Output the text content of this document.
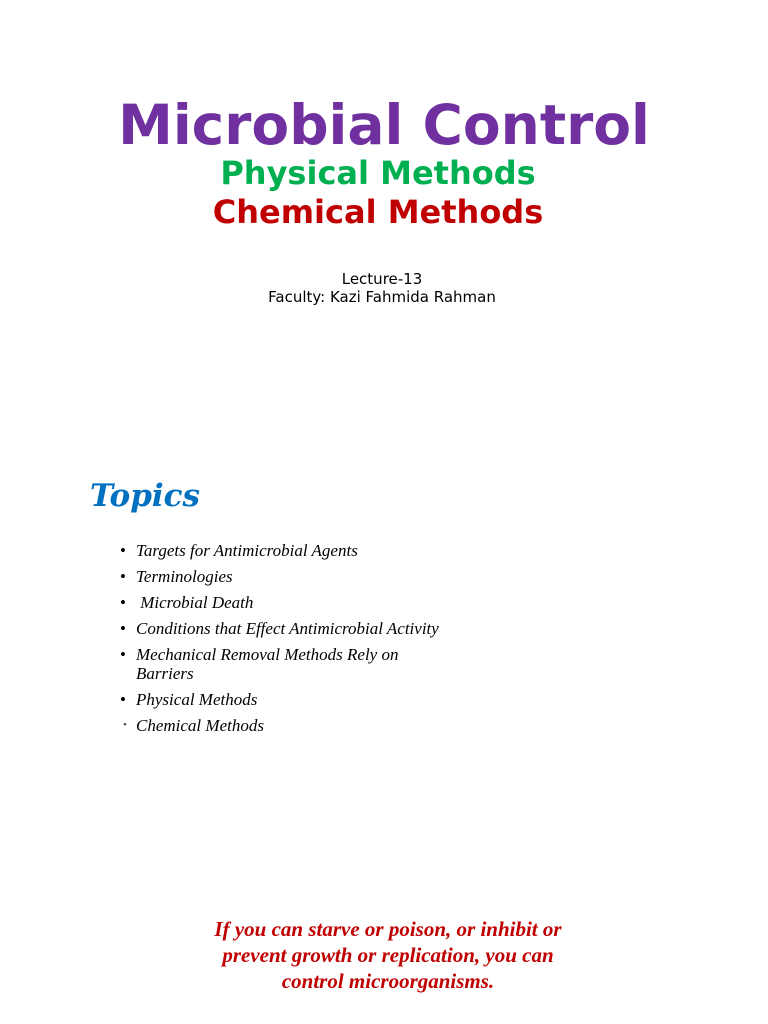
Microbial Control
Physical Methods
Chemical Methods
Lecture-13
Faculty: Kazi Fahmida Rahman
Topics
• Targets for Antimicrobial Agents
• Terminologies
• Microbial Death
• Conditions that Effect Antimicrobial Activity
• Mechanical Removal Methods Rely on Barriers
• Physical Methods
• Chemical Methods
If you can starve or poison, or inhibit or
prevent growth or replication, you can
control microorganisms.
